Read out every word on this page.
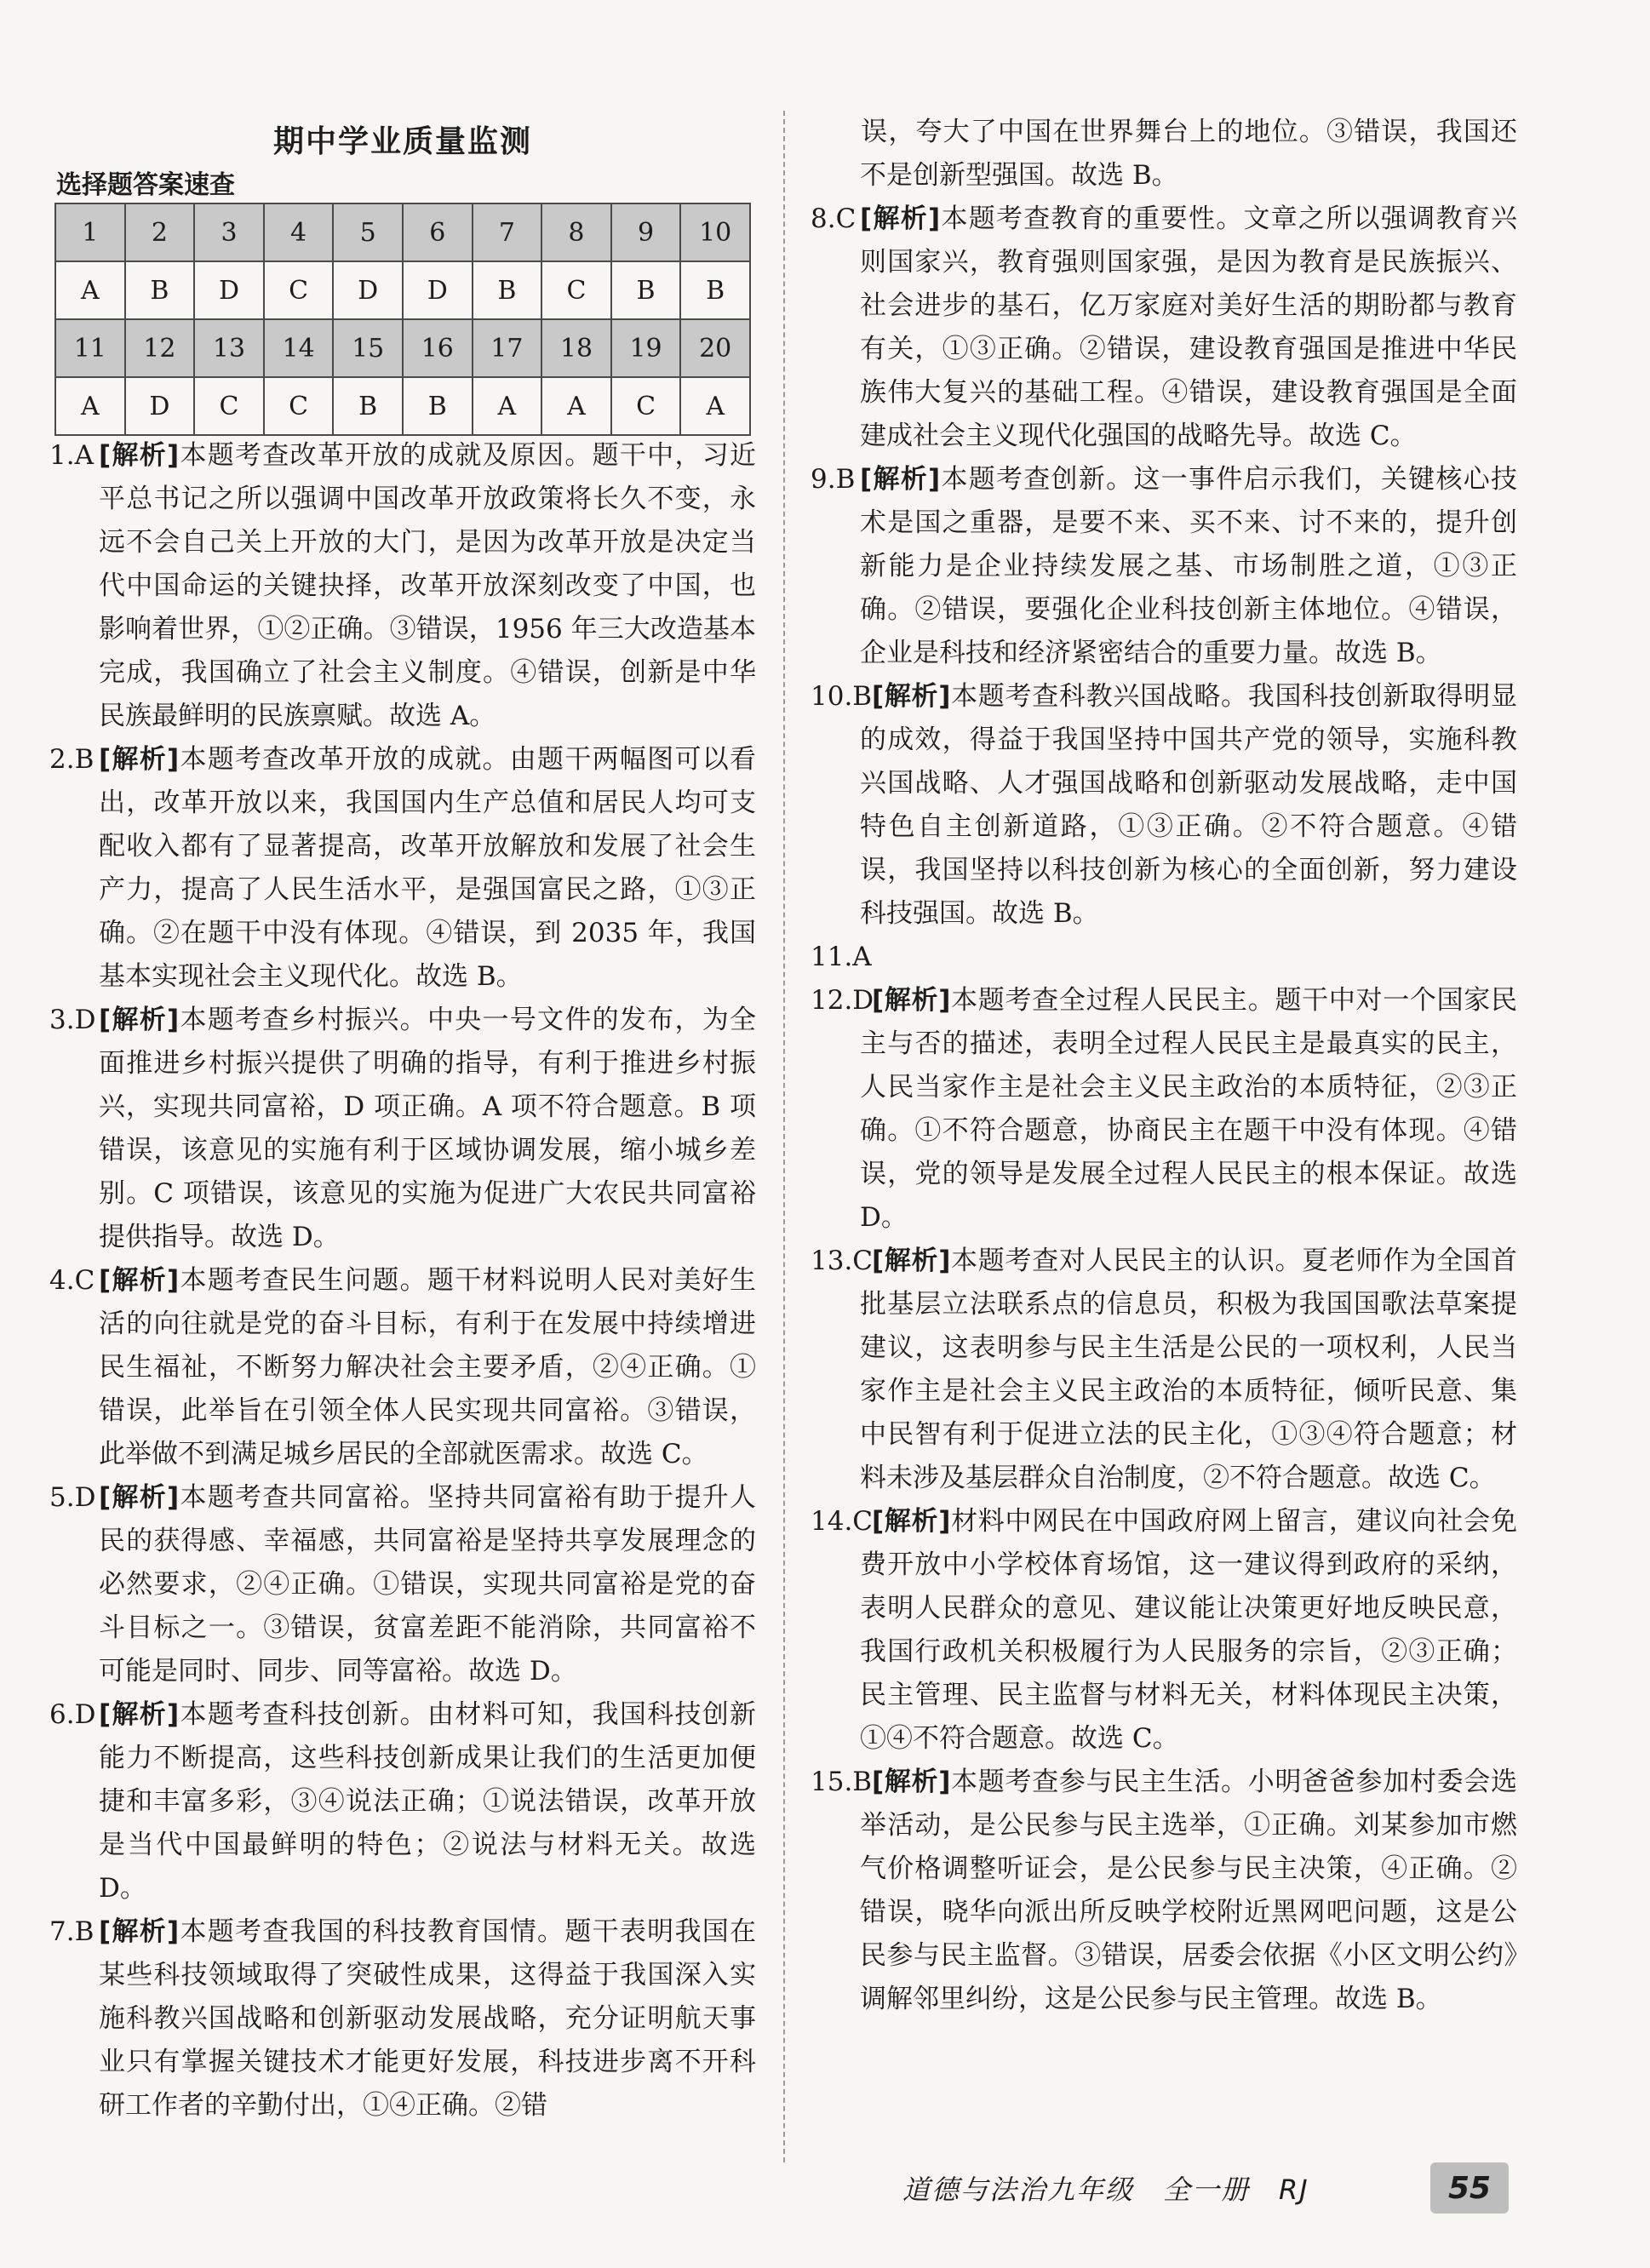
期中学业质量监测
选择题答案速查
1	2	3	4	5	6	7	8	9	10
A	B	D	C	D	D	B	C	B	B
11	12	13	14	15	16	17	18	19	20
A	D	C	C	B	B	A	A	C	A

1.A [解析]本题考查改革开放的成就及原因。题干中，习近平总书记之所以强调中国改革开放政策将长久不变，永远不会自己关上开放的大门，是因为改革开放是决定当代中国命运的关键抉择，改革开放深刻改变了中国，也影响着世界，①②正确。③错误，1956 年三大改造基本完成，我国确立了社会主义制度。④错误，创新是中华民族最鲜明的民族禀赋。故选 A。

2.B [解析]本题考查改革开放的成就。由题干两幅图可以看出，改革开放以来，我国国内生产总值和居民人均可支配收入都有了显著提高，改革开放解放和发展了社会生产力，提高了人民生活水平，是强国富民之路，①③正确。②在题干中没有体现。④错误，到 2035 年，我国基本实现社会主义现代化。故选 B。

3.D [解析]本题考查乡村振兴。中央一号文件的发布，为全面推进乡村振兴提供了明确的指导，有利于推进乡村振兴，实现共同富裕，D 项正确。A 项不符合题意。B 项错误，该意见的实施有利于区域协调发展，缩小城乡差别。C 项错误，该意见的实施为促进广大农民共同富裕提供指导。故选 D。

4.C [解析]本题考查民生问题。题干材料说明人民对美好生活的向往就是党的奋斗目标，有利于在发展中持续增进民生福祉，不断努力解决社会主要矛盾，②④正确。①错误，此举旨在引领全体人民实现共同富裕。③错误，此举做不到满足城乡居民的全部就医需求。故选 C。

5.D [解析]本题考查共同富裕。坚持共同富裕有助于提升人民的获得感、幸福感，共同富裕是坚持共享发展理念的必然要求，②④正确。①错误，实现共同富裕是党的奋斗目标之一。③错误，贫富差距不能消除，共同富裕不可能是同时、同步、同等富裕。故选 D。

6.D [解析]本题考查科技创新。由材料可知，我国科技创新能力不断提高，这些科技创新成果让我们的生活更加便捷和丰富多彩，③④说法正确；①说法错误，改革开放是当代中国最鲜明的特色；②说法与材料无关。故选 D。

7.B [解析]本题考查我国的科技教育国情。题干表明我国在某些科技领域取得了突破性成果，这得益于我国深入实施科教兴国战略和创新驱动发展战略，充分证明航天事业只有掌握关键技术才能更好发展，科技进步离不开科研工作者的辛勤付出，①④正确。②错

误，夸大了中国在世界舞台上的地位。③错误，我国还不是创新型强国。故选 B。

8.C [解析]本题考查教育的重要性。文章之所以强调教育兴则国家兴，教育强则国家强，是因为教育是民族振兴、社会进步的基石，亿万家庭对美好生活的期盼都与教育有关，①③正确。②错误，建设教育强国是推进中华民族伟大复兴的基础工程。④错误，建设教育强国是全面建成社会主义现代化强国的战略先导。故选 C。

9.B [解析]本题考查创新。这一事件启示我们，关键核心技术是国之重器，是要不来、买不来、讨不来的，提升创新能力是企业持续发展之基、市场制胜之道，①③正确。②错误，要强化企业科技创新主体地位。④错误，企业是科技和经济紧密结合的重要力量。故选 B。

10.B[解析]本题考查科教兴国战略。我国科技创新取得明显的成效，得益于我国坚持中国共产党的领导，实施科教兴国战略、人才强国战略和创新驱动发展战略，走中国特色自主创新道路，①③正确。②不符合题意。④错误，我国坚持以科技创新为核心的全面创新，努力建设科技强国。故选 B。

11.A

12.D[解析]本题考查全过程人民民主。题干中对一个国家民主与否的描述，表明全过程人民民主是最真实的民主，人民当家作主是社会主义民主政治的本质特征，②③正确。①不符合题意，协商民主在题干中没有体现。④错误，党的领导是发展全过程人民民主的根本保证。故选 D。

13.C[解析]本题考查对人民民主的认识。夏老师作为全国首批基层立法联系点的信息员，积极为我国国歌法草案提建议，这表明参与民主生活是公民的一项权利，人民当家作主是社会主义民主政治的本质特征，倾听民意、集中民智有利于促进立法的民主化，①③④符合题意；材料未涉及基层群众自治制度，②不符合题意。故选 C。

14.C[解析]材料中网民在中国政府网上留言，建议向社会免费开放中小学校体育场馆，这一建议得到政府的采纳，表明人民群众的意见、建议能让决策更好地反映民意，我国行政机关积极履行为人民服务的宗旨，②③正确；民主管理、民主监督与材料无关，材料体现民主决策，①④不符合题意。故选 C。

15.B[解析]本题考查参与民主生活。小明爸爸参加村委会选举活动，是公民参与民主选举，①正确。刘某参加市燃气价格调整听证会，是公民参与民主决策，④正确。②错误，晓华向派出所反映学校附近黑网吧问题，这是公民参与民主监督。③错误，居委会依据《小区文明公约》调解邻里纠纷，这是公民参与民主管理。故选 B。

道德与法治九年级　全一册　RJ	55
